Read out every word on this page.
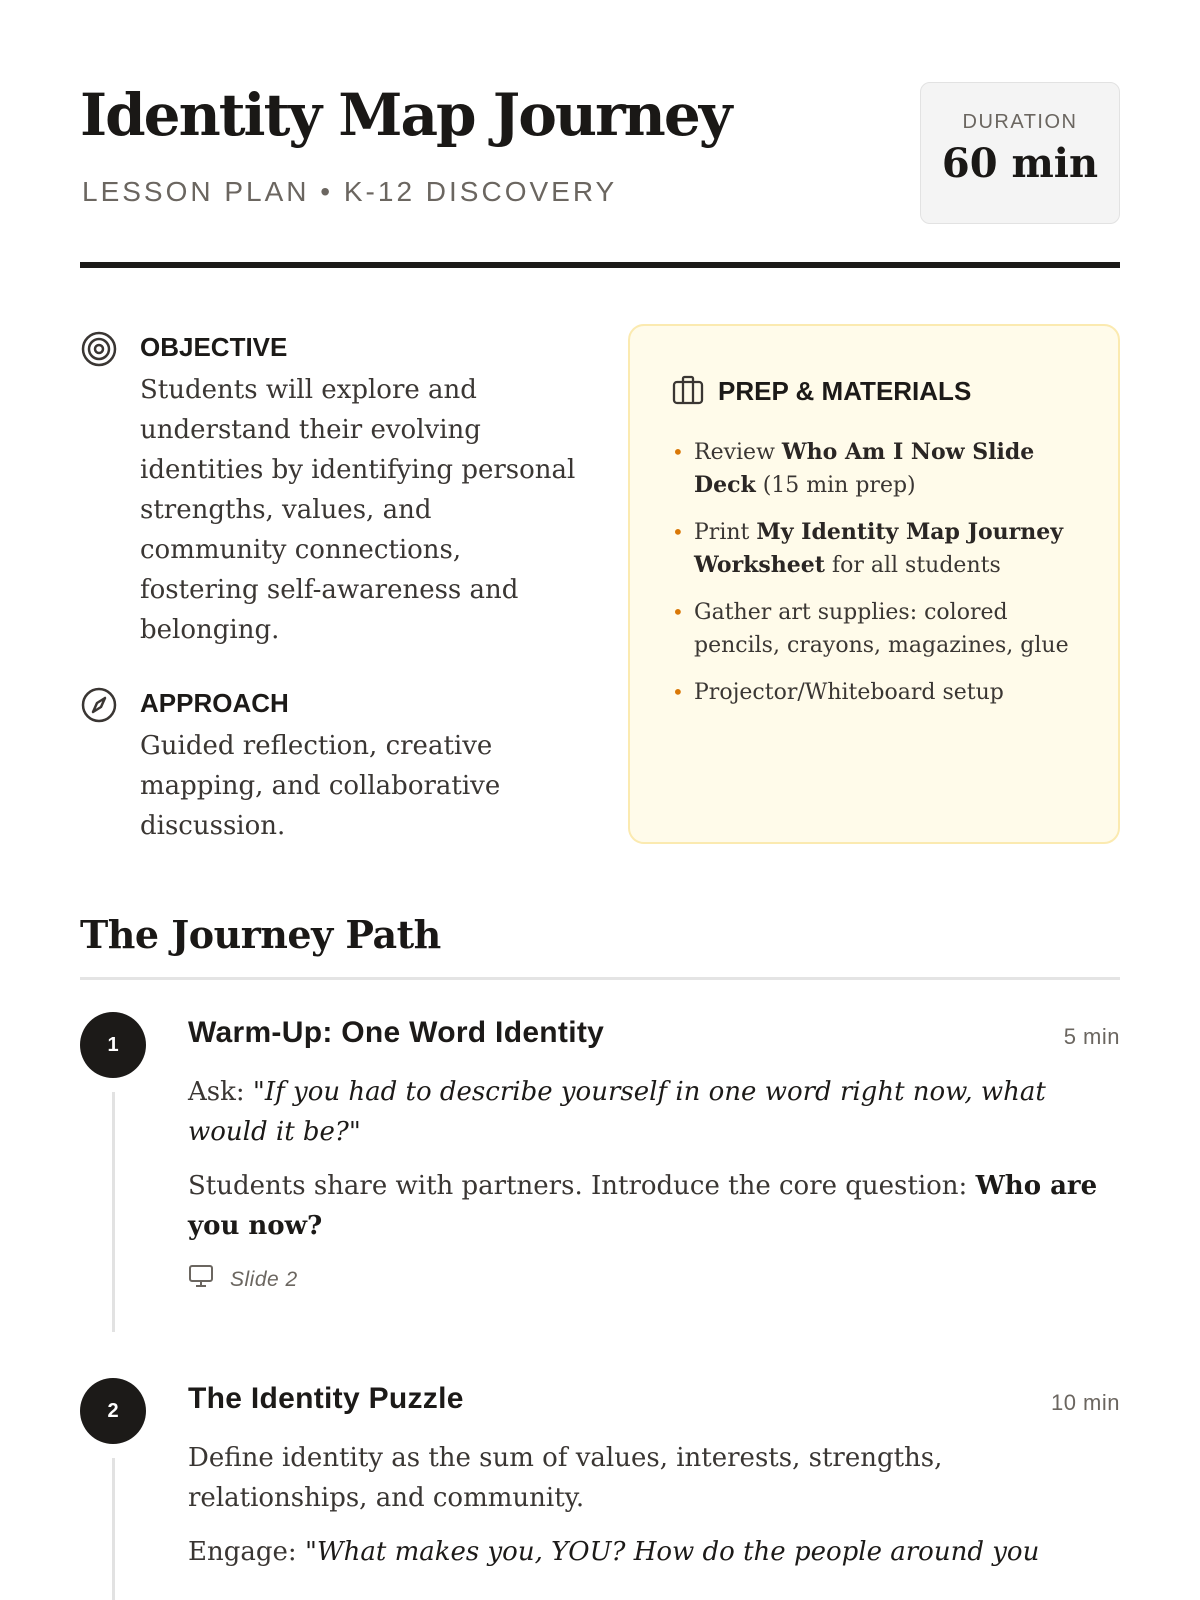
Identity Map Journey
LESSON PLAN • K-12 DISCOVERY
DURATION
60 min
OBJECTIVE
Students will explore and understand their evolving identities by identifying personal strengths, values, and community connections, fostering self-awareness and belonging.
APPROACH
Guided reflection, creative mapping, and collaborative discussion.
PREP & MATERIALS
• Review Who Am I Now Slide Deck (15 min prep)
• Print My Identity Map Journey Worksheet for all students
• Gather art supplies: colored pencils, crayons, magazines, glue
• Projector/Whiteboard setup
The Journey Path
1	Warm-Up: One Word Identity	5 min

Ask: "If you had to describe yourself in one word right now, what would it be?"

Students share with partners. Introduce the core question: Who are you now?

Slide 2
2	The Identity Puzzle	10 min

Define identity as the sum of values, interests, strengths, relationships, and community.

Engage: "What makes you, YOU? How do the people around you
